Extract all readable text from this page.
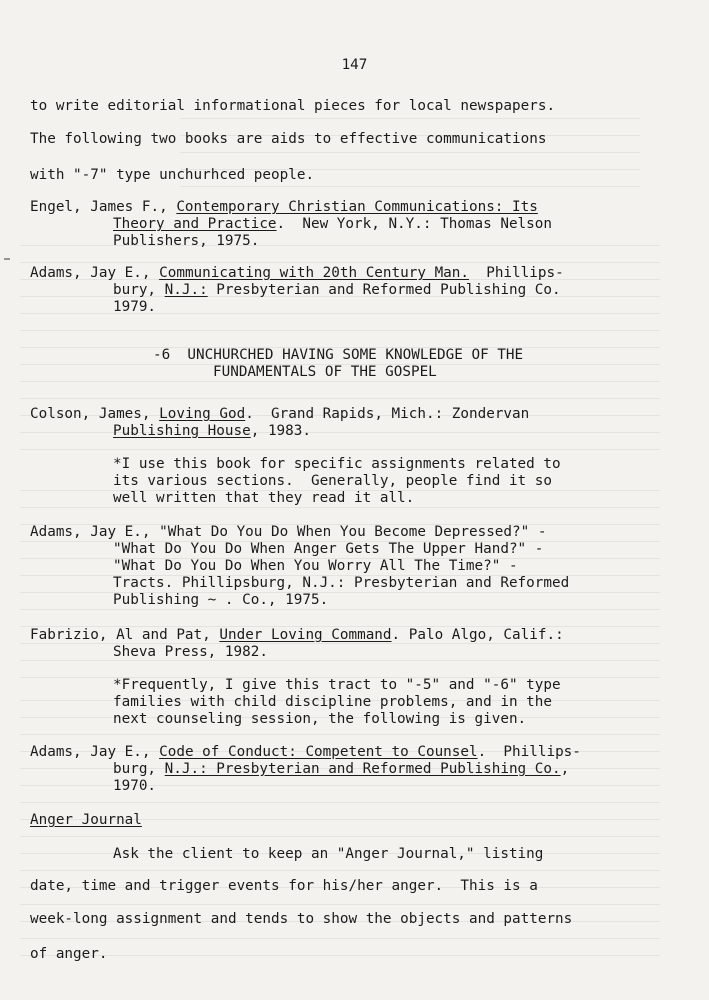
147
to write editorial informational pieces for local newspapers.
The following two books are aids to effective communications
with "-7" type unchurhced people.
Engel, James F., Contemporary Christian Communications: Its
Theory and Practice.  New York, N.Y.: Thomas Nelson
Publishers, 1975.
Adams, Jay E., Communicating with 20th Century Man.  Phillips-
bury, N.J.: Presbyterian and Reformed Publishing Co.
1979.
-6  UNCHURCHED HAVING SOME KNOWLEDGE OF THE
FUNDAMENTALS OF THE GOSPEL
Colson, James, Loving God.  Grand Rapids, Mich.: Zondervan
Publishing House, 1983.
*I use this book for specific assignments related to
its various sections.  Generally, people find it so
well written that they read it all.
Adams, Jay E., "What Do You Do When You Become Depressed?" -
"What Do You Do When Anger Gets The Upper Hand?" -
"What Do You Do When You Worry All The Time?" -
Tracts. Phillipsburg, N.J.: Presbyterian and Reformed
Publishing ~ . Co., 1975.
Fabrizio, Al and Pat, Under Loving Command. Palo Algo, Calif.:
Sheva Press, 1982.
*Frequently, I give this tract to "-5" and "-6" type
families with child discipline problems, and in the
next counseling session, the following is given.
Adams, Jay E., Code of Conduct: Competent to Counsel.  Phillips-
burg, N.J.: Presbyterian and Reformed Publishing Co.,
1970.
Anger Journal
Ask the client to keep an "Anger Journal," listing
date, time and trigger events for his/her anger.  This is a
week-long assignment and tends to show the objects and patterns
of anger.
